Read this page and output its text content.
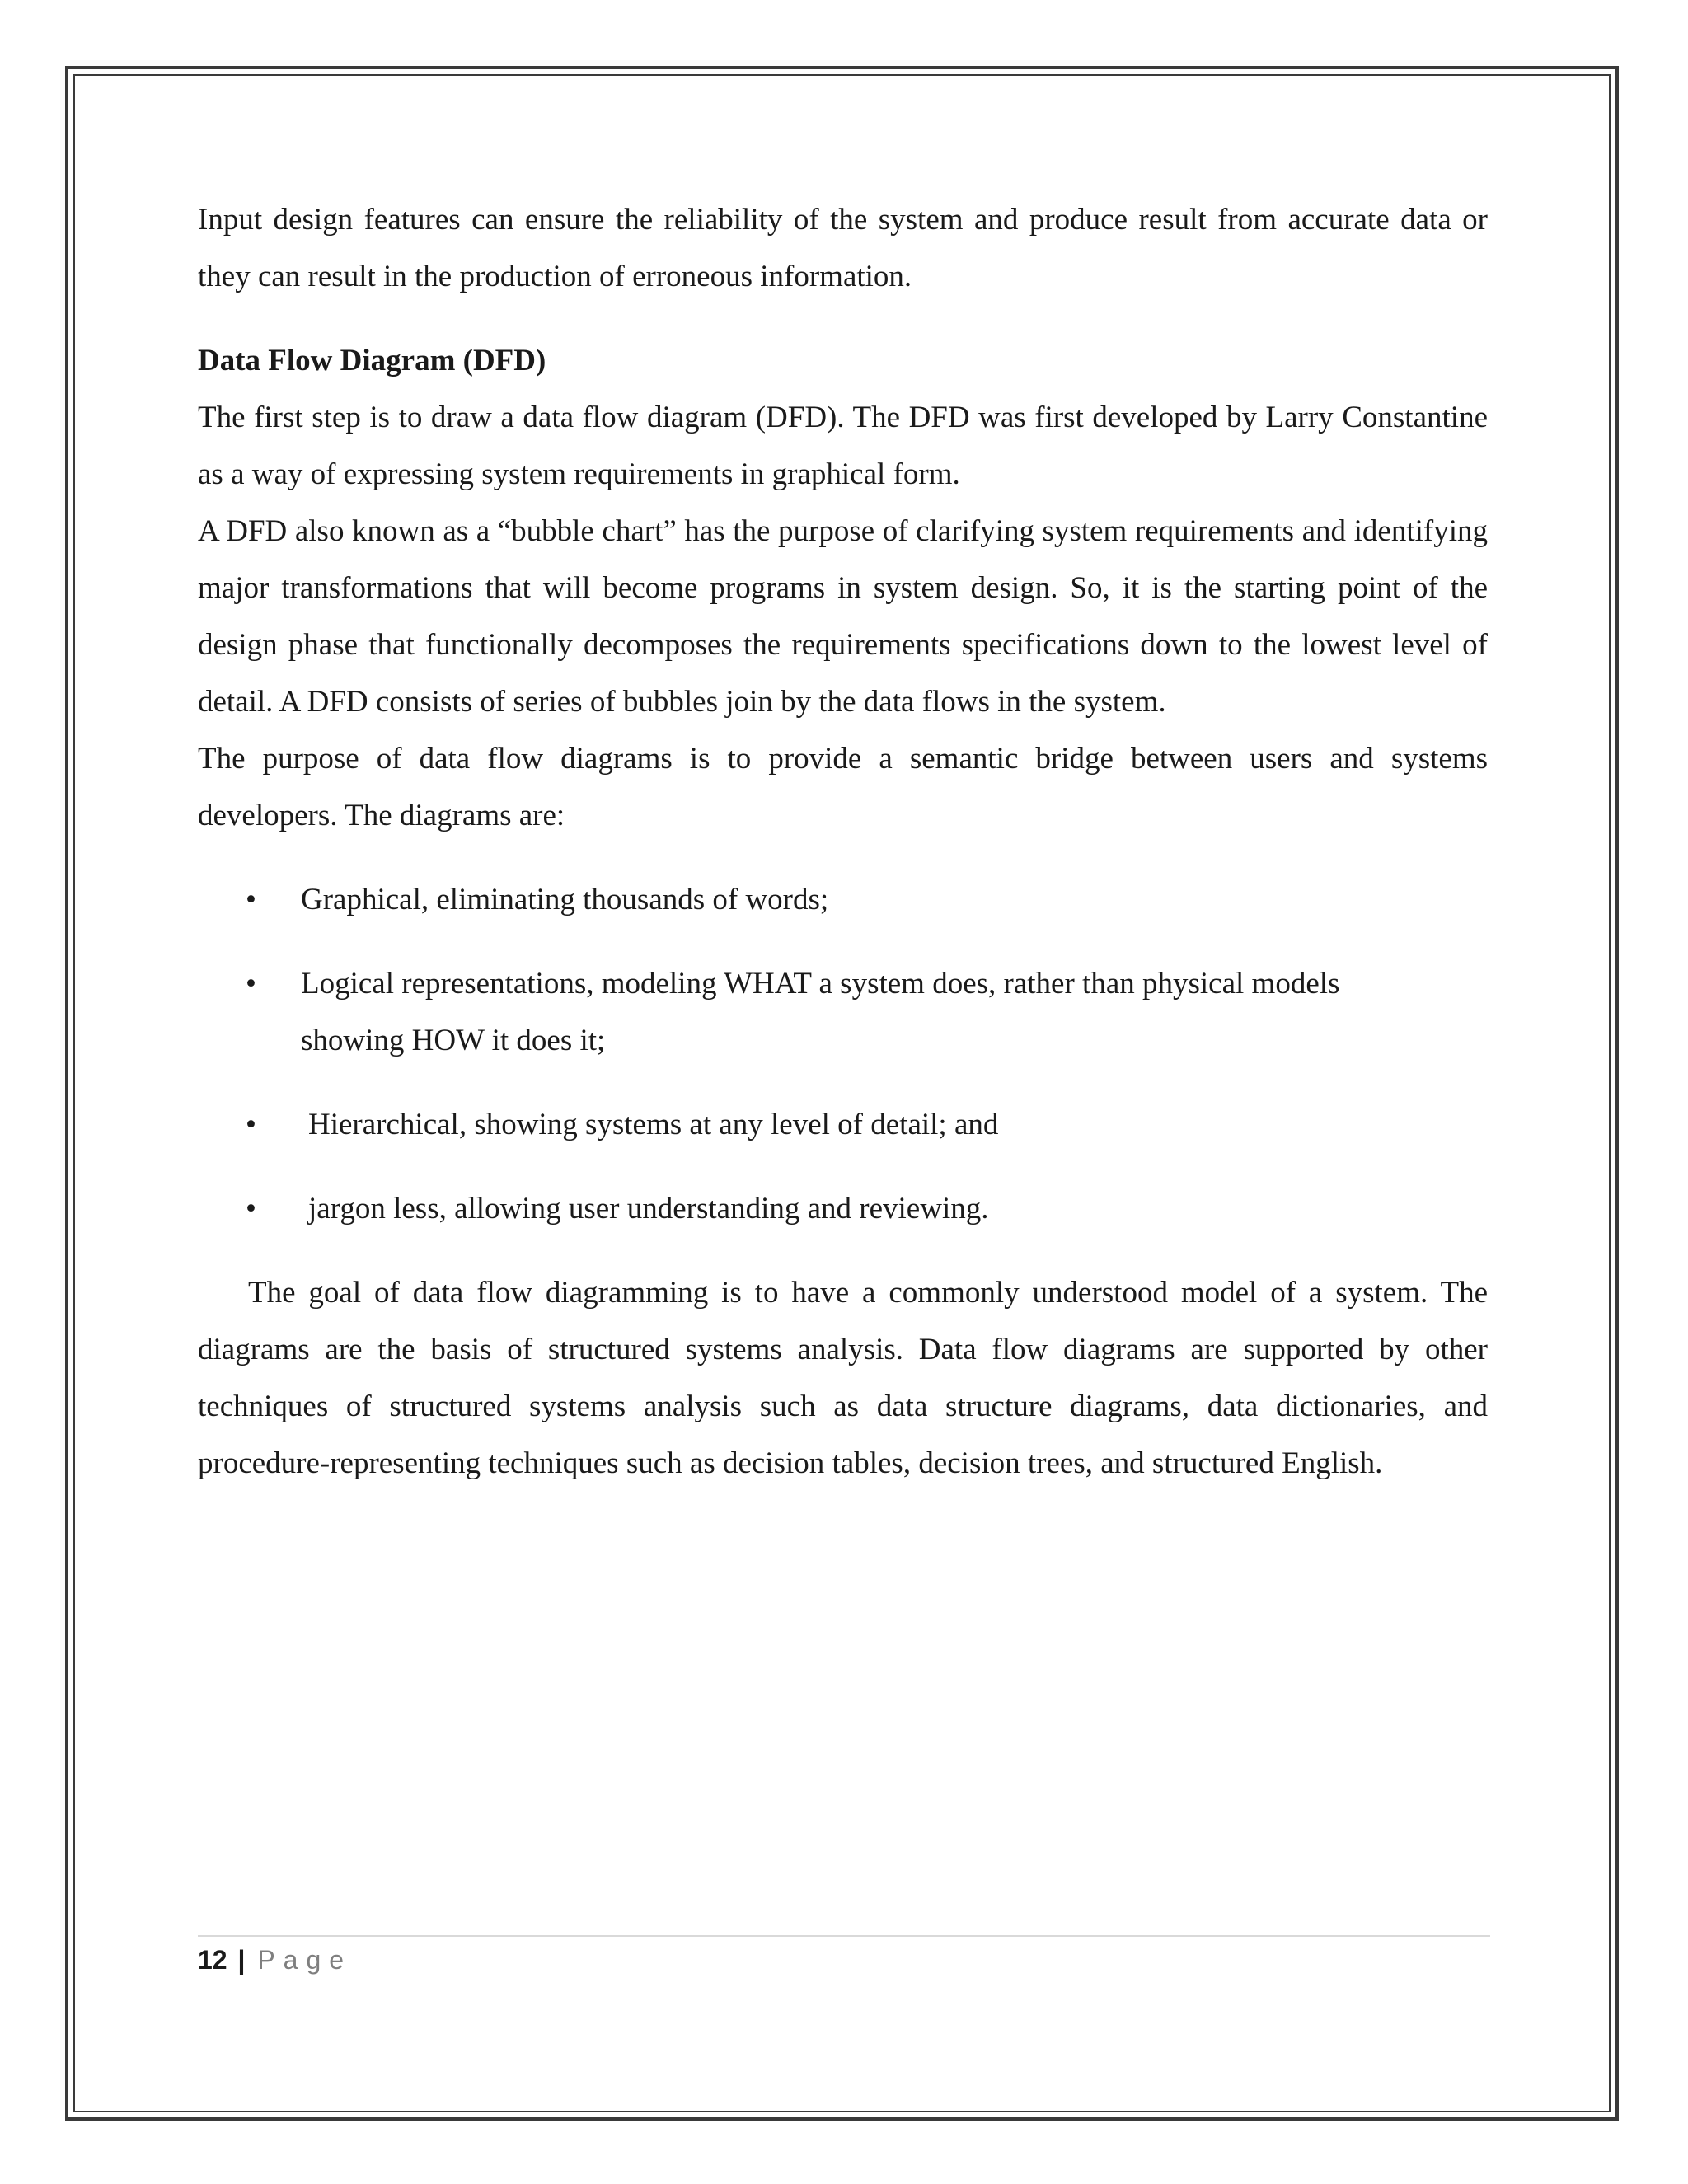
Input design features can ensure the reliability of the system and produce result from accurate data or they can result in the production of erroneous information.

Data Flow Diagram (DFD)

The first step is to draw a data flow diagram (DFD). The DFD was first developed by Larry Constantine as a way of expressing system requirements in graphical form.

A DFD also known as a “bubble chart” has the purpose of clarifying system requirements and identifying major transformations that will become programs in system design. So, it is the starting point of the design phase that functionally decomposes the requirements specifications down to the lowest level of detail. A DFD consists of series of bubbles join by the data flows in the system.

The purpose of data flow diagrams is to provide a semantic bridge between users and systems developers. The diagrams are:

•	Graphical, eliminating thousands of words;
•	Logical representations, modeling WHAT a system does, rather than physical models
showing HOW it does it;
•	Hierarchical, showing systems at any level of detail; and
•	jargon less, allowing user understanding and reviewing.

The goal of data flow diagramming is to have a commonly understood model of a system. The diagrams are the basis of structured systems analysis. Data flow diagrams are supported by other techniques of structured systems analysis such as data structure diagrams, data dictionaries, and procedure-representing techniques such as decision tables, decision trees, and structured English.

12 | Page
